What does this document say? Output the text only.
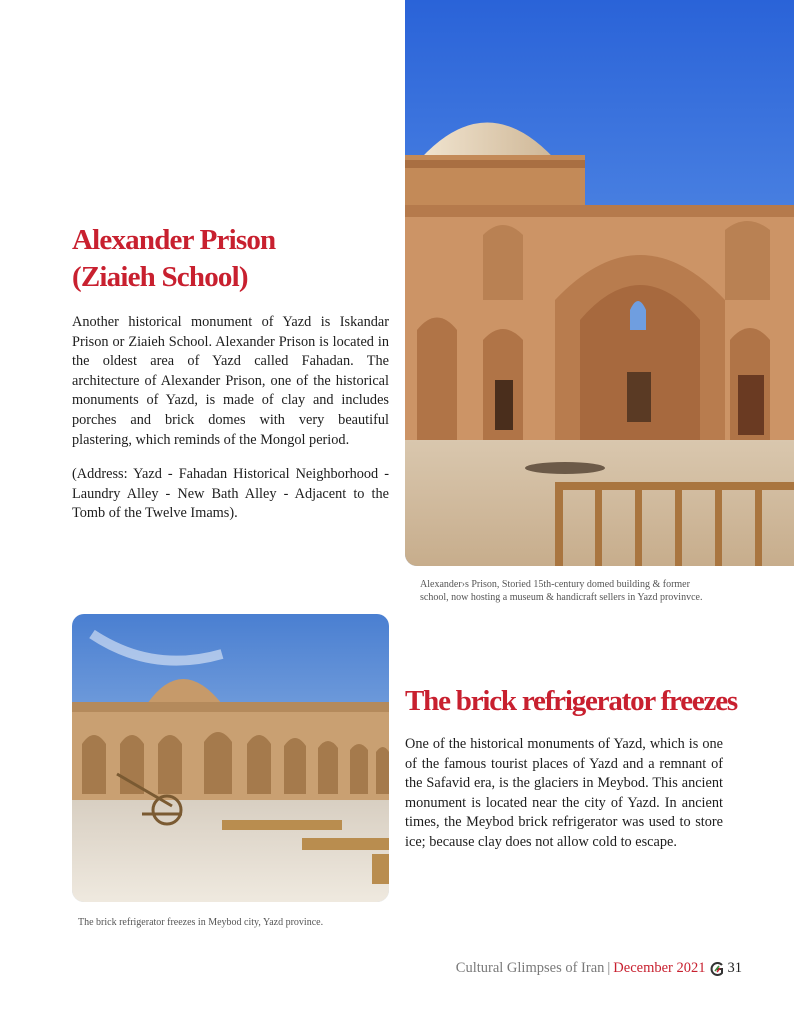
Alexander Prison
(Ziaieh School)

Another historical monument of Yazd is Iskandar Prison or Ziaieh School. Alexander Prison is located in the oldest area of Yazd called Fahadan. The architecture of Alexander Prison, one of the historical monuments of Yazd, is made of clay and includes porches and brick domes with very beautiful plastering, which reminds of the Mongol period.

(Address: Yazd - Fahadan Historical Neighborhood - Laundry Alley - New Bath Alley - Adjacent to the Tomb of the Twelve Imams).

Alexander›s Prison, Storied 15th-century domed building & former
school, now hosting a museum & handicraft sellers in Yazd provinvce.

The brick refrigerator freezes

One of the historical monuments of Yazd, which is one of the famous tourist places of Yazd and a remnant of the Safavid era, is the glaciers in Meybod. This ancient monument is located near the city of Yazd. In ancient times, the Meybod brick refrigerator was used to store ice; because clay does not allow cold to escape.

The brick refrigerator freezes in Meybod city, Yazd province.

Cultural Glimpses of Iran | December 2021 31
